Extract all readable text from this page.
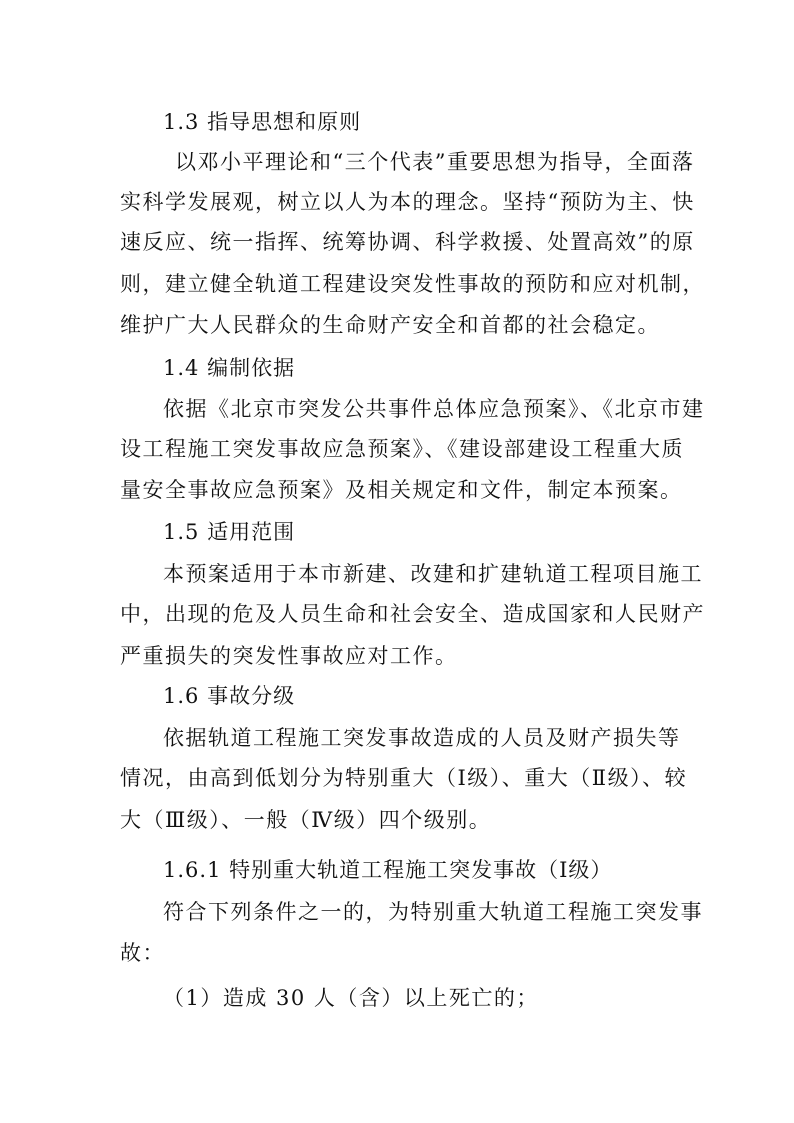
1.3 指导思想和原则
以邓小平理论和“三个代表”重要思想为指导，全面落
实科学发展观，树立以人为本的理念。坚持“预防为主、快
速反应、统一指挥、统筹协调、科学救援、处置高效”的原
则，建立健全轨道工程建设突发性事故的预防和应对机制，
维护广大人民群众的生命财产安全和首都的社会稳定。
1.4 编制依据
依据《北京市突发公共事件总体应急预案》、《北京市建
设工程施工突发事故应急预案》、《建设部建设工程重大质
量安全事故应急预案》及相关规定和文件，制定本预案。
1.5 适用范围
本预案适用于本市新建、改建和扩建轨道工程项目施工
中，出现的危及人员生命和社会安全、造成国家和人民财产
严重损失的突发性事故应对工作。
1.6 事故分级
依据轨道工程施工突发事故造成的人员及财产损失等
情况，由高到低划分为特别重大（Ⅰ级）、重大（Ⅱ级）、较
大（Ⅲ级）、一般（Ⅳ级）四个级别。
1.6.1 特别重大轨道工程施工突发事故（Ⅰ级）
符合下列条件之一的，为特别重大轨道工程施工突发事
故：
（1）造成 30 人（含）以上死亡的；
